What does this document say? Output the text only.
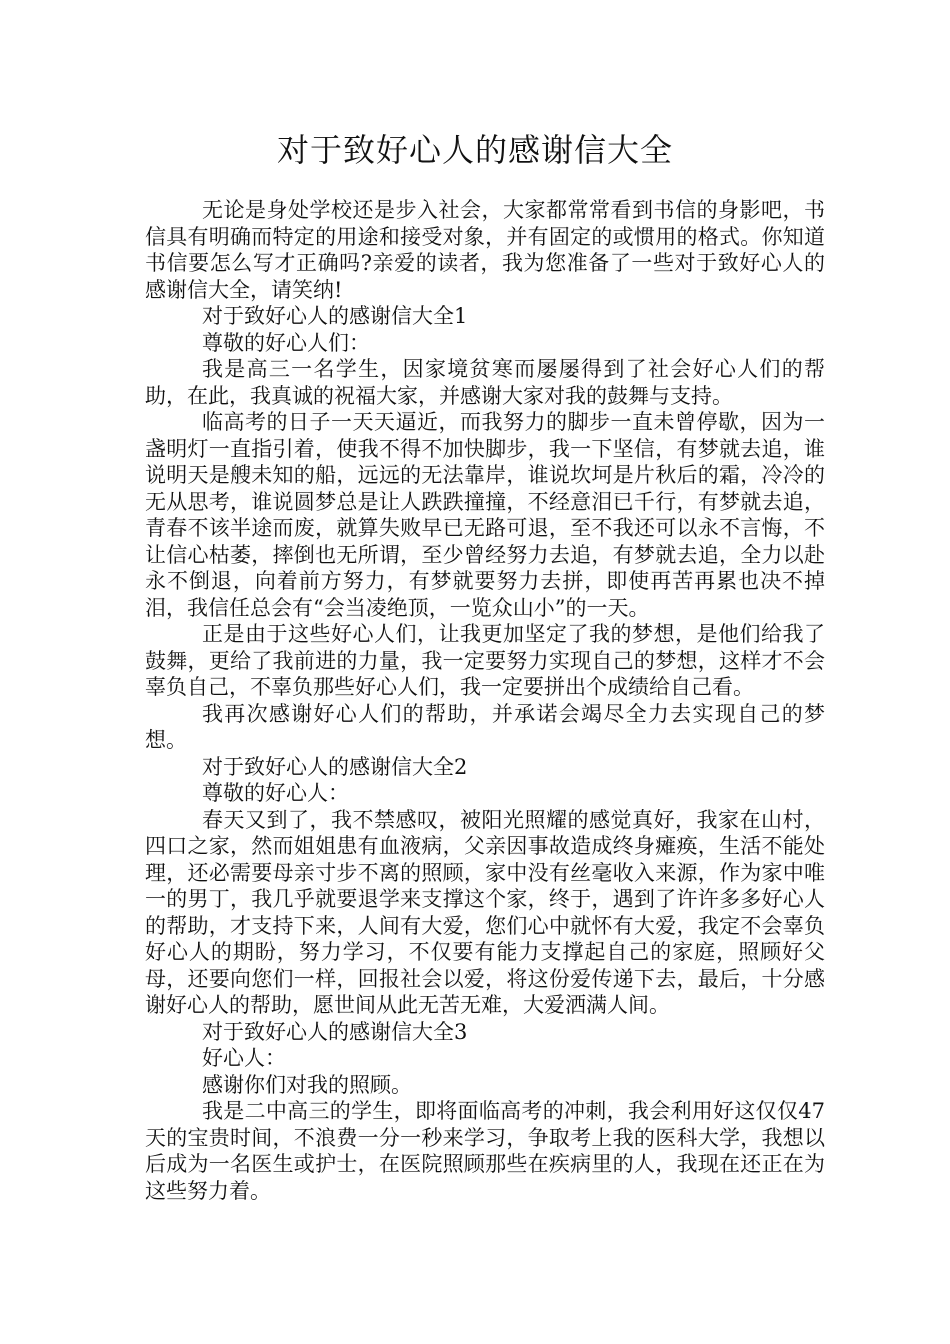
对于致好心人的感谢信大全

无论是身处学校还是步入社会，大家都常常看到书信的身影吧，书信具有明确而特定的用途和接受对象，并有固定的或惯用的格式。你知道书信要怎么写才正确吗?亲爱的读者，我为您准备了一些对于致好心人的感谢信大全，请笑纳!

对于致好心人的感谢信大全1

尊敬的好心人们：

我是高三一名学生，因家境贫寒而屡屡得到了社会好心人们的帮助，在此，我真诚的祝福大家，并感谢大家对我的鼓舞与支持。

临高考的日子一天天逼近，而我努力的脚步一直未曾停歇，因为一盏明灯一直指引着，使我不得不加快脚步，我一下坚信，有梦就去追，谁说明天是艘未知的船，远远的无法靠岸，谁说坎坷是片秋后的霜，冷冷的无从思考，谁说圆梦总是让人跌跌撞撞，不经意泪已千行，有梦就去追，青春不该半途而废，就算失败早已无路可退，至不我还可以永不言悔，不让信心枯萎，摔倒也无所谓，至少曾经努力去追，有梦就去追，全力以赴永不倒退，向着前方努力，有梦就要努力去拼，即使再苦再累也决不掉泪，我信任总会有“会当凌绝顶，一览众山小”的一天。

正是由于这些好心人们，让我更加坚定了我的梦想，是他们给我了鼓舞，更给了我前进的力量，我一定要努力实现自己的梦想，这样才不会辜负自己，不辜负那些好心人们，我一定要拼出个成绩给自己看。

我再次感谢好心人们的帮助，并承诺会竭尽全力去实现自己的梦想。

对于致好心人的感谢信大全2

尊敬的好心人：

春天又到了，我不禁感叹，被阳光照耀的感觉真好，我家在山村，四口之家，然而姐姐患有血液病，父亲因事故造成终身瘫痪，生活不能处理，还必需要母亲寸步不离的照顾，家中没有丝毫收入来源，作为家中唯一的男丁，我几乎就要退学来支撑这个家，终于，遇到了许许多多好心人的帮助，才支持下来，人间有大爱，您们心中就怀有大爱，我定不会辜负好心人的期盼，努力学习，不仅要有能力支撑起自己的家庭，照顾好父母，还要向您们一样，回报社会以爱，将这份爱传递下去，最后，十分感谢好心人的帮助，愿世间从此无苦无难，大爱洒满人间。

对于致好心人的感谢信大全3

好心人：

感谢你们对我的照顾。

我是二中高三的学生，即将面临高考的冲刺，我会利用好这仅仅47天的宝贵时间，不浪费一分一秒来学习，争取考上我的医科大学，我想以后成为一名医生或护士，在医院照顾那些在疾病里的人，我现在还正在为这些努力着。
